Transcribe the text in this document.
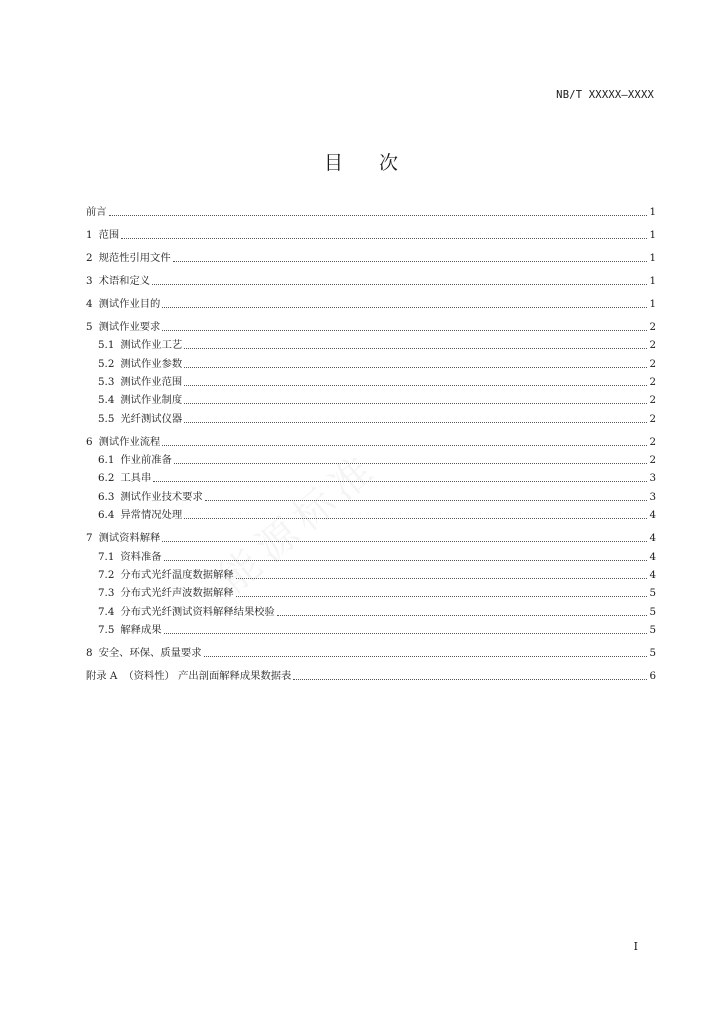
NB/T XXXXX—XXXX
目 次
前言	1
1 范围	1
2 规范性引用文件	1
3 术语和定义	1
4 测试作业目的	1
5 测试作业要求	2
5.1 测试作业工艺	2
5.2 测试作业参数	2
5.3 测试作业范围	2
5.4 测试作业制度	2
5.5 光纤测试仪器	2
6 测试作业流程	2
6.1 作业前准备	2
6.2 工具串	3
6.3 测试作业技术要求	3
6.4 异常情况处理	4
7 测试资料解释	4
7.1 资料准备	4
7.2 分布式光纤温度数据解释	4
7.3 分布式光纤声波数据解释	5
7.4 分布式光纤测试资料解释结果校验	5
7.5 解释成果	5
8 安全、环保、质量要求	5
附录 A （资料性） 产出剖面解释成果数据表	6
I
